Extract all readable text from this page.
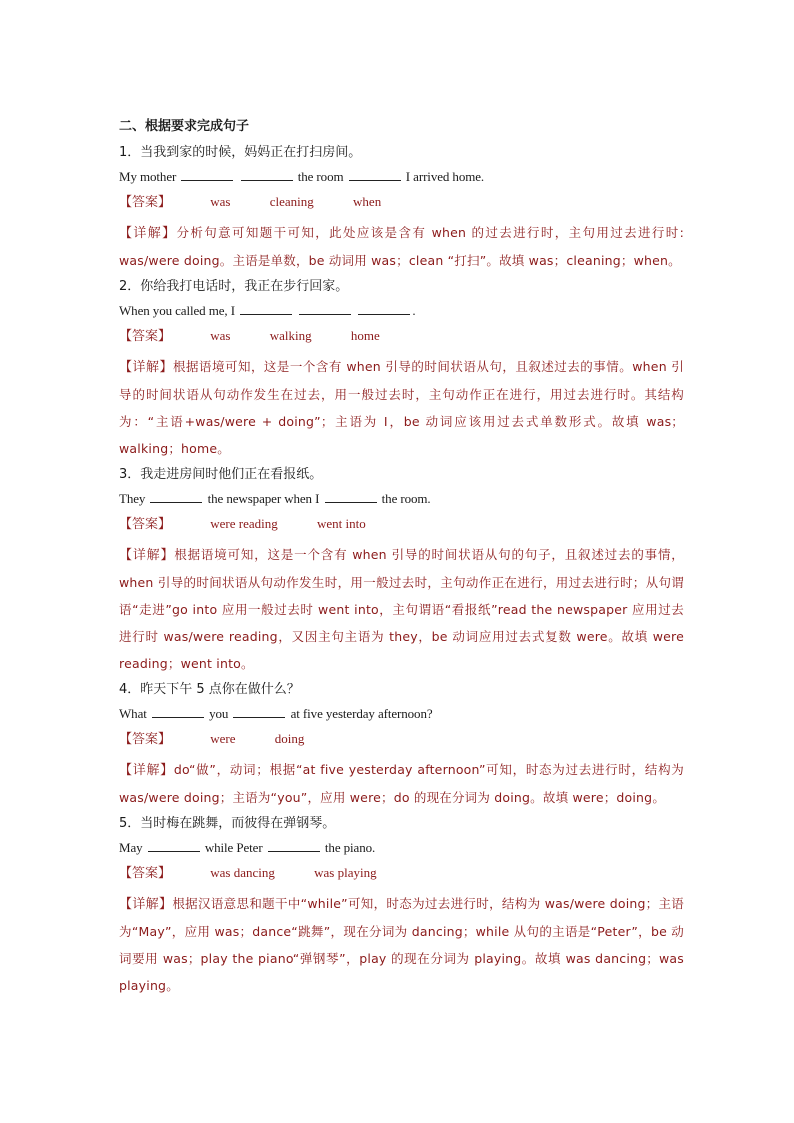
二、根据要求完成句子
1．当我到家的时候，妈妈正在打扫房间。
My mother	the room	I arrived home.
【答案】	was	cleaning	when
【详解】分析句意可知题干可知，此处应该是含有 when 的过去进行时，主句用过去进行时: was/were doing。主语是单数，be 动词用 was；clean “打扫”。故填 was；cleaning；when。
2．你给我打电话时，我正在步行回家。
When you called me, I	.
【答案】	was	walking	home
【详解】根据语境可知，这是一个含有 when 引导的时间状语从句，且叙述过去的事情。when 引导的时间状语从句动作发生在过去，用一般过去时，主句动作正在进行，用过去进行时。其结构为：“主语+was/were + doing”；主语为 I，be 动词应该用过去式单数形式。故填 was；walking；home。
3．我走进房间时他们正在看报纸。
They	the newspaper when I	the room.
【答案】	were reading	went into
【详解】根据语境可知，这是一个含有 when 引导的时间状语从句的句子，且叙述过去的事情，when 引导的时间状语从句动作发生时，用一般过去时，主句动作正在进行，用过去进行时；从句谓语“走进”go into 应用一般过去时 went into，主句谓语“看报纸”read the newspaper 应用过去进行时 was/were reading，又因主句主语为 they，be 动词应用过去式复数 were。故填 were reading；went into。
4．昨天下午 5 点你在做什么？
What	you	at five yesterday afternoon?
【答案】	were	doing
【详解】do“做”，动词；根据“at five yesterday afternoon”可知，时态为过去进行时，结构为 was/were doing；主语为“you”，应用 were；do 的现在分词为 doing。故填 were；doing。
5．当时梅在跳舞，而彼得在弹钢琴。
May	while Peter	the piano.
【答案】	was dancing	was playing
【详解】根据汉语意思和题干中“while”可知，时态为过去进行时，结构为 was/were doing；主语为“May”，应用 was；dance“跳舞”，现在分词为 dancing；while 从句的主语是“Peter”，be 动词要用 was；play the piano“弹钢琴”，play 的现在分词为 playing。故填 was dancing；was playing。
